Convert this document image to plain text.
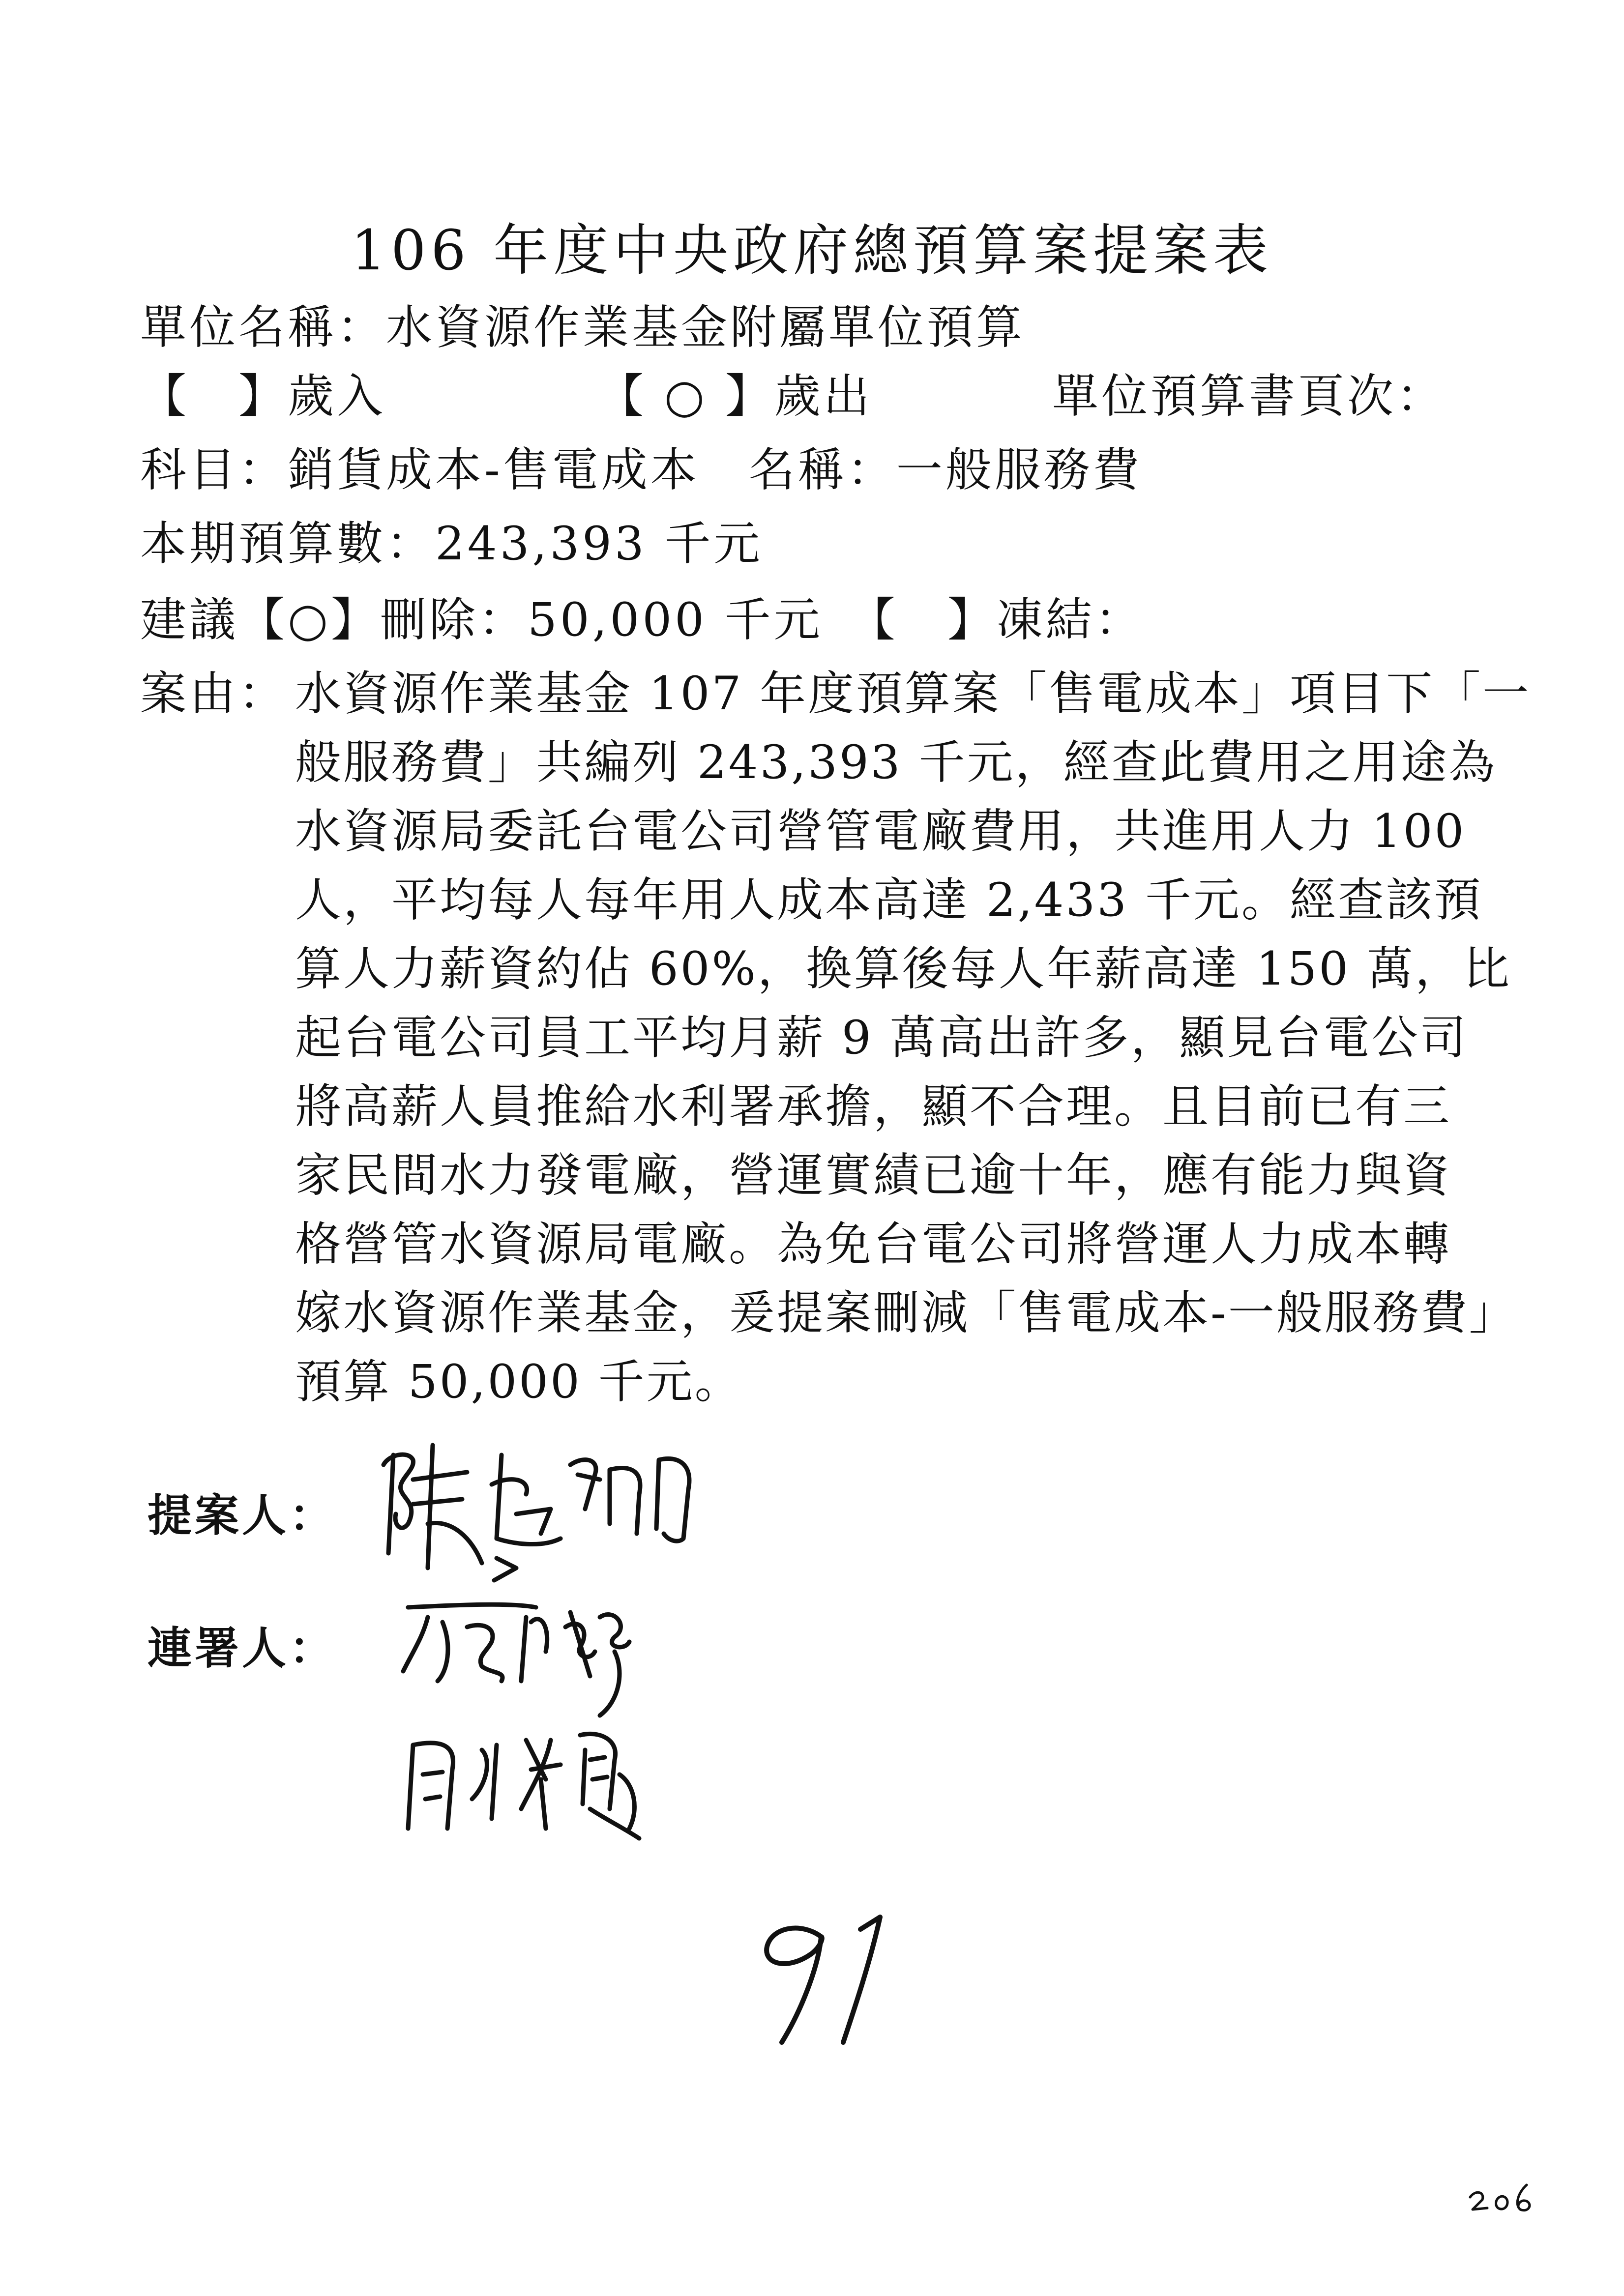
106 年度中央政府總預算案提案表
單位名稱：水資源作業基金附屬單位預算
【　】歲入	【 ○ 】歲出	單位預算書頁次：
科目：銷貨成本-售電成本　名稱：一般服務費
本期預算數：243,393 千元
建議【○】刪除：50,000 千元　【　】凍結：
案由： 水資源作業基金 107 年度預算案「售電成本」項目下「一
般服務費」共編列 243,393 千元，經查此費用之用途為
水資源局委託台電公司營管電廠費用，共進用人力 100
人，平均每人每年用人成本高達 2,433 千元。經查該預
算人力薪資約佔 60%，換算後每人年薪高達 150 萬，比
起台電公司員工平均月薪 9 萬高出許多，顯見台電公司
將高薪人員推給水利署承擔，顯不合理。且目前已有三
家民間水力發電廠，營運實績已逾十年，應有能力與資
格營管水資源局電廠。為免台電公司將營運人力成本轉
嫁水資源作業基金，爰提案刪減「售電成本-一般服務費」
預算 50,000 千元。
提案人：
連署人：
